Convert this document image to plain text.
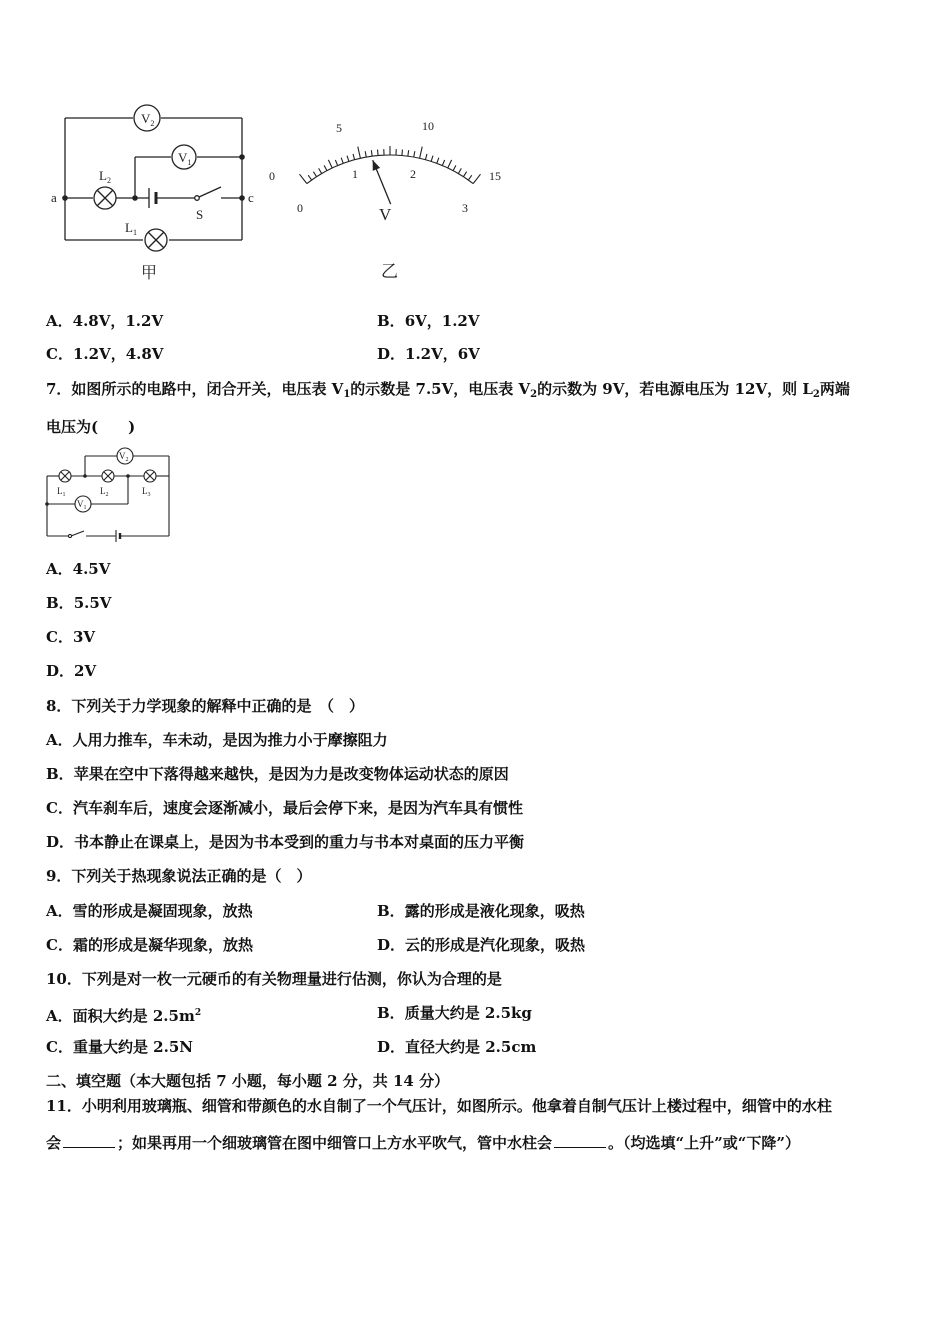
$V_2$
$V_1$
$L_2$
$L_1$
a	c
S
甲
0
5	10
15
0
1	2
3
V
乙
A．4.8V，1.2V	B．6V，1.2V
C．1.2V，4.8V	D．1.2V，6V
7．如图所示的电路中，闭合开关，电压表 $V_1$的示数是 7.5V，电压表 $V_2$的示数为 9V，若电源电压为 12V，则 $L_2$两端
电压为(　　)
$V_2$
$V_1$
$L_1$	$L_2$	$L_3$
A．4.5V
B．5.5V
C．3V
D．2V
8．下列关于力学现象的解释中正确的是　（　）
A．人用力推车，车未动，是因为推力小于摩擦阻力
B．苹果在空中下落得越来越快，是因为力是改变物体运动状态的原因
C．汽车刹车后，速度会逐渐减小，最后会停下来，是因为汽车具有惯性
D．书本静止在课桌上，是因为书本受到的重力与书本对桌面的压力平衡
9．下列关于热现象说法正确的是（　）
A．雪的形成是凝固现象，放热	B．露的形成是液化现象，吸热
C．霜的形成是凝华现象，放热	D．云的形成是汽化现象，吸热
10．下列是对一枚一元硬币的有关物理量进行估测，你认为合理的是
A．面积大约是 $2.5m^2$	B．质量大约是 2.5kg
C．重量大约是 2.5N	D．直径大约是 2.5cm
二、填空题（本大题包括 7 小题，每小题 2 分，共 14 分）
11．小明利用玻璃瓶、细管和带颜色的水自制了一个气压计，如图所示。他拿着自制气压计上楼过程中，细管中的水柱
会	；如果再用一个细玻璃管在图中细管口上方水平吹气，管中水柱会	。（均选填“上升”或“下降”）
